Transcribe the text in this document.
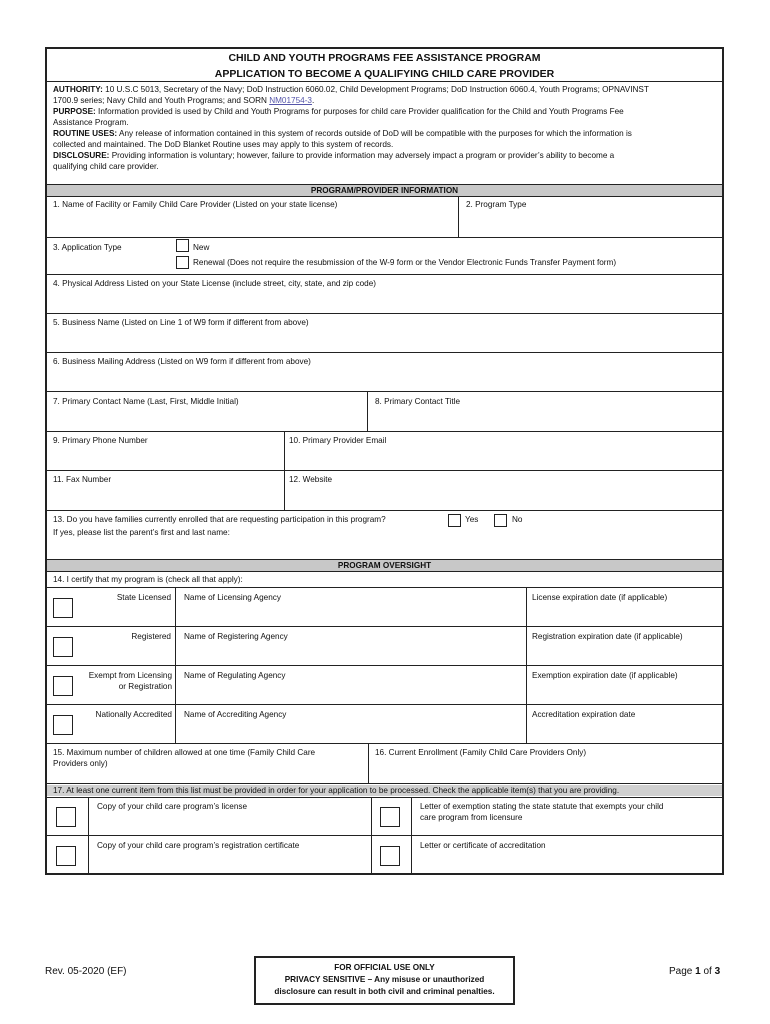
CHILD AND YOUTH PROGRAMS FEE ASSISTANCE PROGRAM
APPLICATION TO BECOME A QUALIFYING CHILD CARE PROVIDER
AUTHORITY: 10 U.S.C 5013, Secretary of the Navy; DoD Instruction 6060.02, Child Development Programs; DoD Instruction 6060.4, Youth Programs; OPNAVINST
1700.9 series; Navy Child and Youth Programs; and SORN NM01754-3.
PURPOSE: Information provided is used by Child and Youth Programs for purposes for child care Provider qualification for the Child and Youth Programs Fee
Assistance Program.
ROUTINE USES: Any release of information contained in this system of records outside of DoD will be compatible with the purposes for which the information is
collected and maintained. The DoD Blanket Routine uses may apply to this system of records.
DISCLOSURE: Providing information is voluntary; however, failure to provide information may adversely impact a program or provider’s ability to become a
qualifying child care provider.
PROGRAM/PROVIDER INFORMATION
1. Name of Facility or Family Child Care Provider (Listed on your state license)	2. Program Type
3. Application Type	New
Renewal (Does not require the resubmission of the W-9 form or the Vendor Electronic Funds Transfer Payment form)
4. Physical Address Listed on your State License (include street, city, state, and zip code)
5. Business Name (Listed on Line 1 of W9 form if different from above)
6. Business Mailing Address (Listed on W9 form if different from above)
7. Primary Contact Name (Last, First, Middle Initial)	8. Primary Contact Title
9. Primary Phone Number	10. Primary Provider Email
11. Fax Number	12. Website
13. Do you have families currently enrolled that are requesting participation in this program?	Yes	No
If yes, please list the parent’s first and last name:
PROGRAM OVERSIGHT
14. I certify that my program is (check all that apply):
State Licensed Name of Licensing Agency	License expiration date (if applicable)
Registered Name of Registering Agency	Registration expiration date (if applicable)
Exempt from Licensing
or Registration
Name of Regulating Agency	Exemption expiration date (if applicable)
Nationally Accredited Name of Accrediting Agency	Accreditation expiration date
15. Maximum number of children allowed at one time (Family Child Care
Providers only)
16. Current Enrollment (Family Child Care Providers Only)
17. At least one current item from this list must be provided in order for your application to be processed. Check the applicable item(s) that you are providing.
Copy of your child care program’s license	Letter of exemption stating the state statute that exempts your child
care program from licensure
Copy of your child care program’s registration certificate	Letter or certificate of accreditation
Rev. 05-2020 (EF)	FOR OFFICIAL USE ONLY
PRIVACY SENSITIVE – Any misuse or unauthorized
disclosure can result in both civil and criminal penalties.
Page 1 of 3
